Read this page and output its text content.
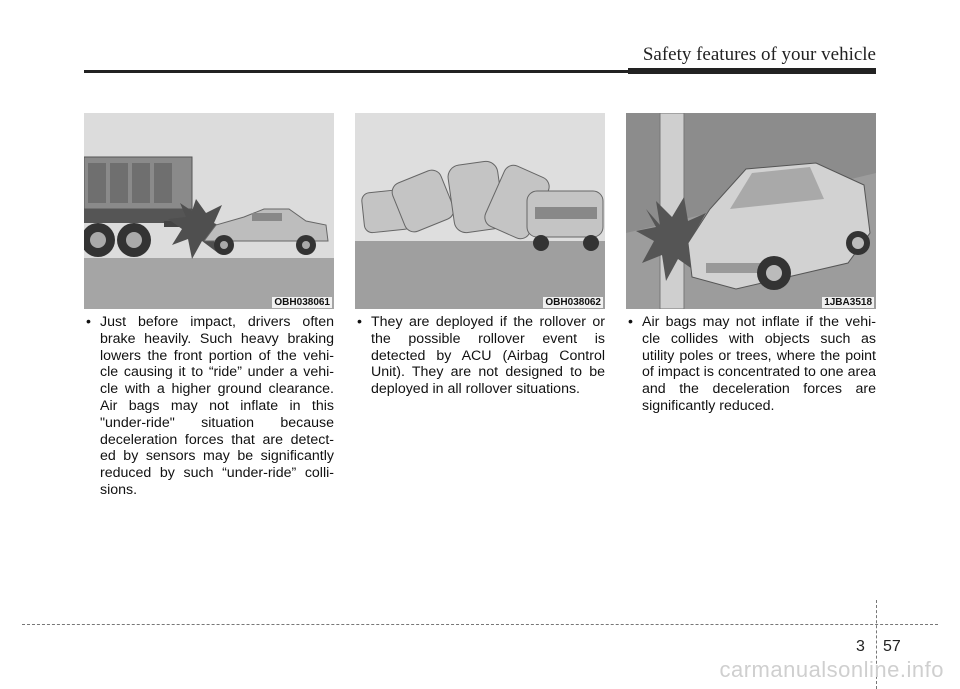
Safety features of your vehicle
OBH038061	OBH038062	1JBA3518
• Just before impact, drivers often brake heavily. Such heavy braking lowers the front portion of the vehi-cle causing it to “ride” under a vehi-cle with a higher ground clearance. Air bags may not inflate in this "under-ride" situation because deceleration forces that are detect-ed by sensors may be significantly reduced by such “under-ride” colli-sions.
• They are deployed if the rollover or the possible rollover event is detected by ACU (Airbag Control Unit). They are not designed to be deployed in all rollover situations.
• Air bags may not inflate if the vehi-cle collides with objects such as utility poles or trees, where the point of impact is concentrated to one area and the deceleration forces are significantly reduced.
3 57
carmanualsonline.info
